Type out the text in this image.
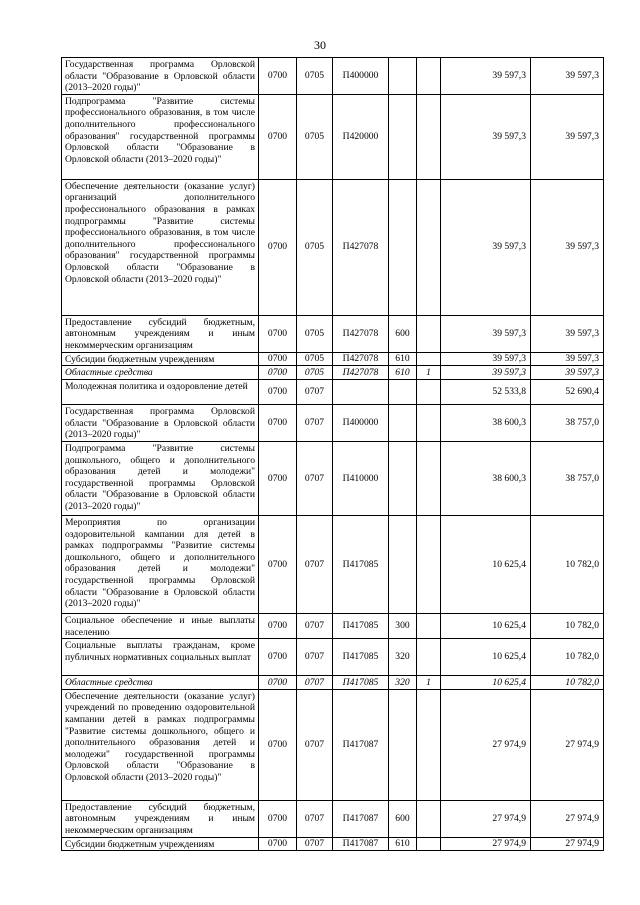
30
Государственная программа Орловской области "Образование в Орловской области (2013–2020 годы)"	0700	0705	П400000			39 597,3	39 597,3
Подпрограмма "Развитие системы профессионального образования, в том числе дополнительного профессионального образования" государственной программы Орловской области "Образование в Орловской области (2013–2020 годы)"	0700	0705	П420000			39 597,3	39 597,3
Обеспечение деятельности (оказание услуг) организаций дополнительного профессионального образования в рамках подпрограммы "Развитие системы профессионального образования, в том числе дополнительного профессионального образования" государственной программы Орловской области "Образование в Орловской области (2013–2020 годы)"	0700	0705	П427078			39 597,3	39 597,3
Предоставление субсидий бюджетным, автономным учреждениям и иным некоммерческим организациям	0700	0705	П427078	600		39 597,3	39 597,3
Субсидии бюджетным учреждениям	0700	0705	П427078	610		39 597,3	39 597,3
Областные средства	0700	0705	П427078	610	1	39 597,3	39 597,3
Молодежная политика и оздоровление детей	0700	0707				52 533,8	52 690,4
Государственная программа Орловской области "Образование в Орловской области (2013–2020 годы)"	0700	0707	П400000			38 600,3	38 757,0
Подпрограмма "Развитие системы дошкольного, общего и дополнительного образования детей и молодежи" государственной программы Орловской области "Образование в Орловской области (2013–2020 годы)"	0700	0707	П410000			38 600,3	38 757,0
Мероприятия по организации оздоровительной кампании для детей в рамках подпрограммы "Развитие системы дошкольного, общего и дополнительного образования детей и молодежи" государственной программы Орловской области "Образование в Орловской области (2013–2020 годы)"	0700	0707	П417085			10 625,4	10 782,0
Социальное обеспечение и иные выплаты населению	0700	0707	П417085	300		10 625,4	10 782,0
Социальные выплаты гражданам, кроме публичных нормативных социальных выплат	0700	0707	П417085	320		10 625,4	10 782,0
Областные средства	0700	0707	П417085	320	1	10 625,4	10 782,0
Обеспечение деятельности (оказание услуг) учреждений по проведению оздоровительной кампании детей в рамках подпрограммы "Развитие системы дошкольного, общего и дополнительного образования детей и молодежи" государственной программы Орловской области "Образование в Орловской области (2013–2020 годы)"	0700	0707	П417087			27 974,9	27 974,9
Предоставление субсидий бюджетным, автономным учреждениям и иным некоммерческим организациям	0700	0707	П417087	600		27 974,9	27 974,9
Субсидии бюджетным учреждениям	0700	0707	П417087	610		27 974,9	27 974,9
